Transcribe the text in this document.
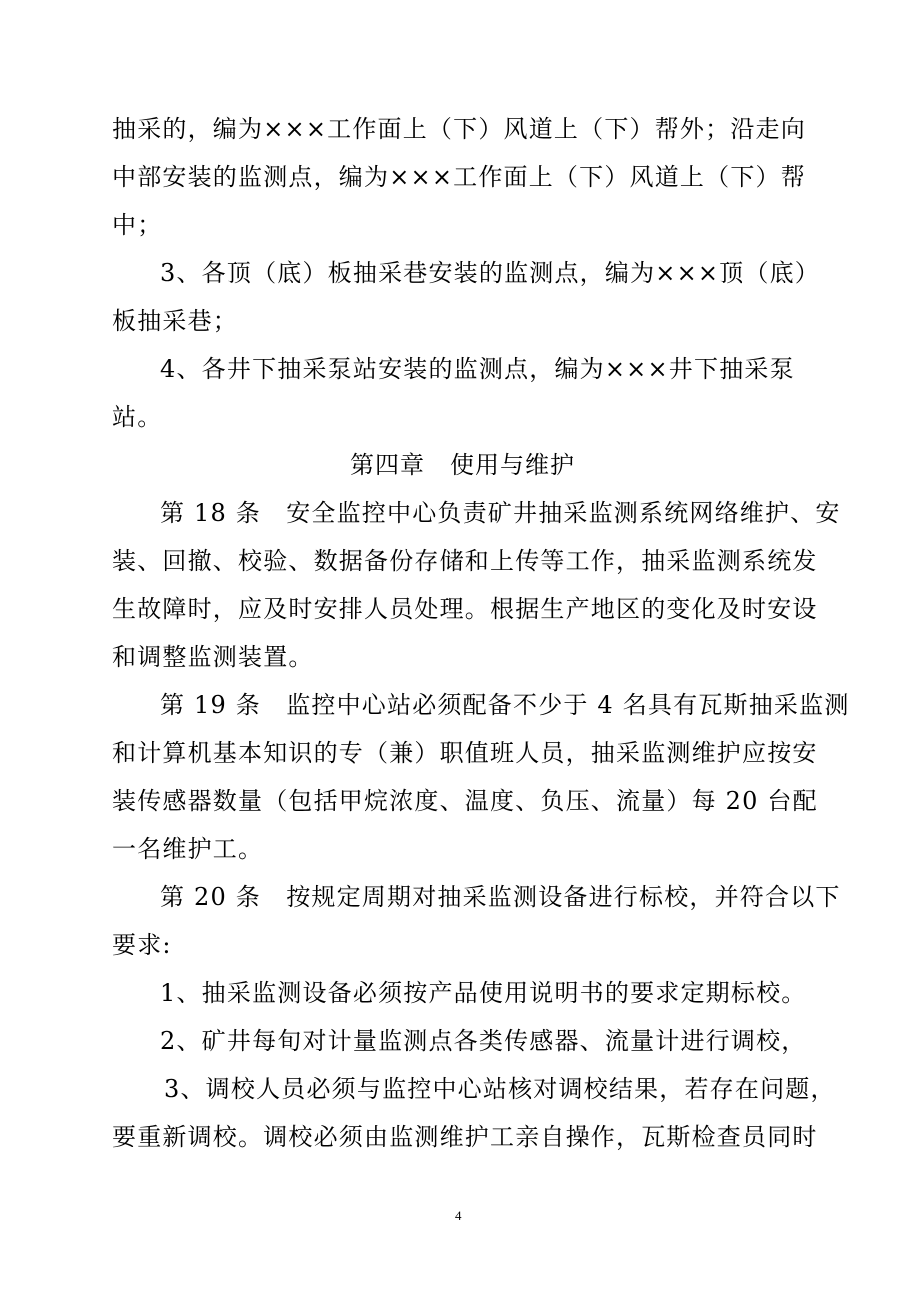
抽采的，编为×××工作面上（下）风道上（下）帮外；沿走向
中部安装的监测点，编为×××工作面上（下）风道上（下）帮
中；
3、各顶（底）板抽采巷安装的监测点，编为×××顶（底）
板抽采巷；
4、各井下抽采泵站安装的监测点，编为×××井下抽采泵
站。
第四章　使用与维护
第 18 条　安全监控中心负责矿井抽采监测系统网络维护、安
装、回撤、校验、数据备份存储和上传等工作，抽采监测系统发
生故障时，应及时安排人员处理。根据生产地区的变化及时安设
和调整监测装置。
第 19 条　监控中心站必须配备不少于 4 名具有瓦斯抽采监测
和计算机基本知识的专（兼）职值班人员，抽采监测维护应按安
装传感器数量（包括甲烷浓度、温度、负压、流量）每 20 台配
一名维护工。
第 20 条　按规定周期对抽采监测设备进行标校，并符合以下
要求:
1、抽采监测设备必须按产品使用说明书的要求定期标校。
2、矿井每旬对计量监测点各类传感器、流量计进行调校，
3、调校人员必须与监控中心站核对调校结果，若存在问题，
要重新调校。调校必须由监测维护工亲自操作，瓦斯检查员同时
4
